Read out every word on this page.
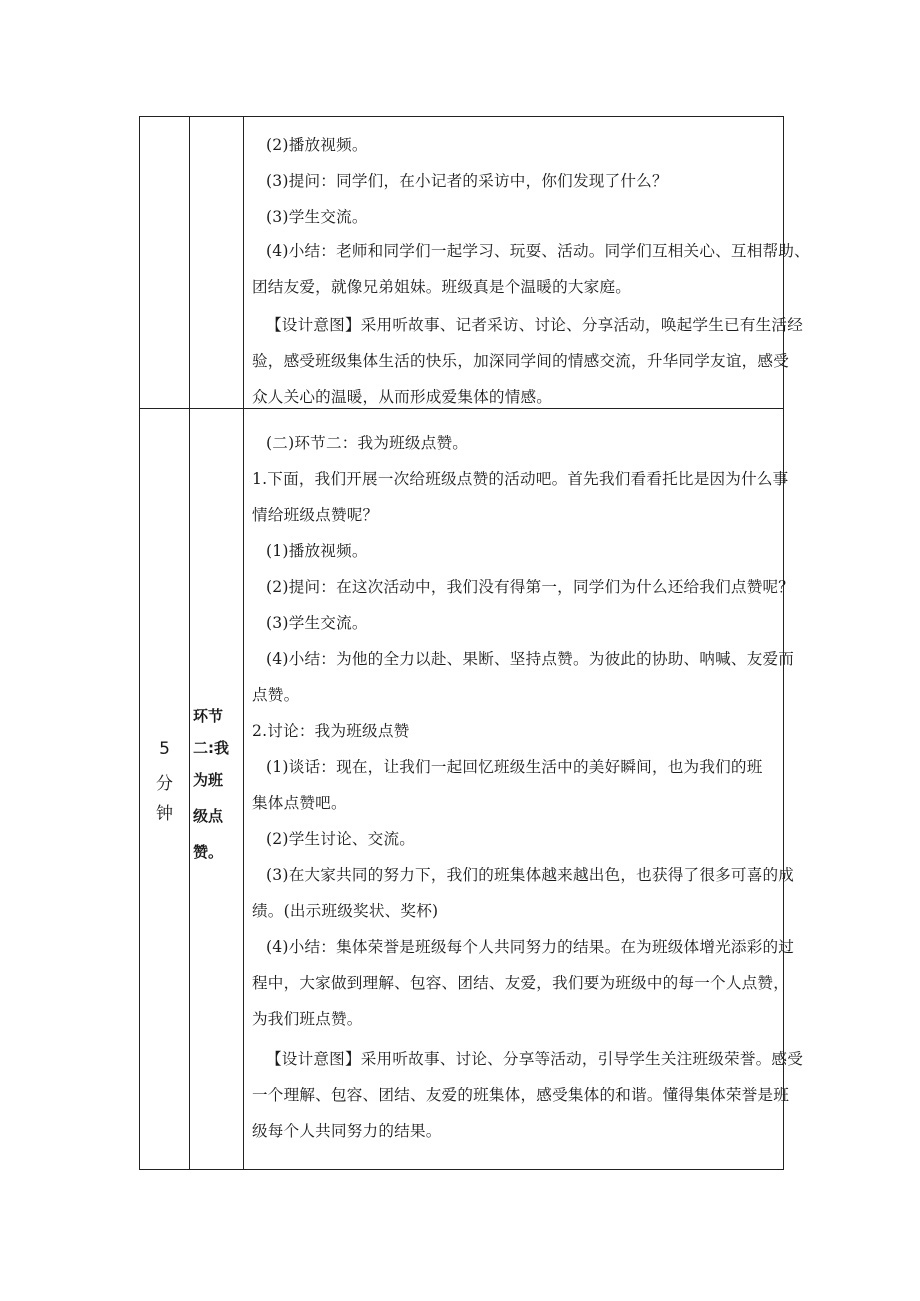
(2)播放视频。
(3)提问：同学们，在小记者的采访中，你们发现了什么？
(3)学生交流。
(4)小结：老师和同学们一起学习、玩耍、活动。同学们互相关心、互相帮助、
团结友爱，就像兄弟姐妹。班级真是个温暖的大家庭。
【设计意图】采用听故事、记者采访、讨论、分享活动，唤起学生已有生活经
验，感受班级集体生活的快乐，加深同学间的情感交流，升华同学友谊，感受
众人关心的温暖，从而形成爱集体的情感。
5
分
钟
环节
二:我
为班
级点
赞。
(二)环节二：我为班级点赞。
1.下面，我们开展一次给班级点赞的活动吧。首先我们看看托比是因为什么事
情给班级点赞呢？
(1)播放视频。
(2)提问：在这次活动中，我们没有得第一，同学们为什么还给我们点赞呢？
(3)学生交流。
(4)小结：为他的全力以赴、果断、坚持点赞。为彼此的协助、呐喊、友爱而
点赞。
2.讨论：我为班级点赞
(1)谈话：现在，让我们一起回忆班级生活中的美好瞬间，也为我们的班
集体点赞吧。
(2)学生讨论、交流。
(3)在大家共同的努力下，我们的班集体越来越出色，也获得了很多可喜的成
绩。(出示班级奖状、奖杯)
(4)小结：集体荣誉是班级每个人共同努力的结果。在为班级体增光添彩的过
程中，大家做到理解、包容、团结、友爱，我们要为班级中的每一个人点赞，
为我们班点赞。
【设计意图】采用听故事、讨论、分享等活动，引导学生关注班级荣誉。感受
一个理解、包容、团结、友爱的班集体，感受集体的和谐。懂得集体荣誉是班
级每个人共同努力的结果。
